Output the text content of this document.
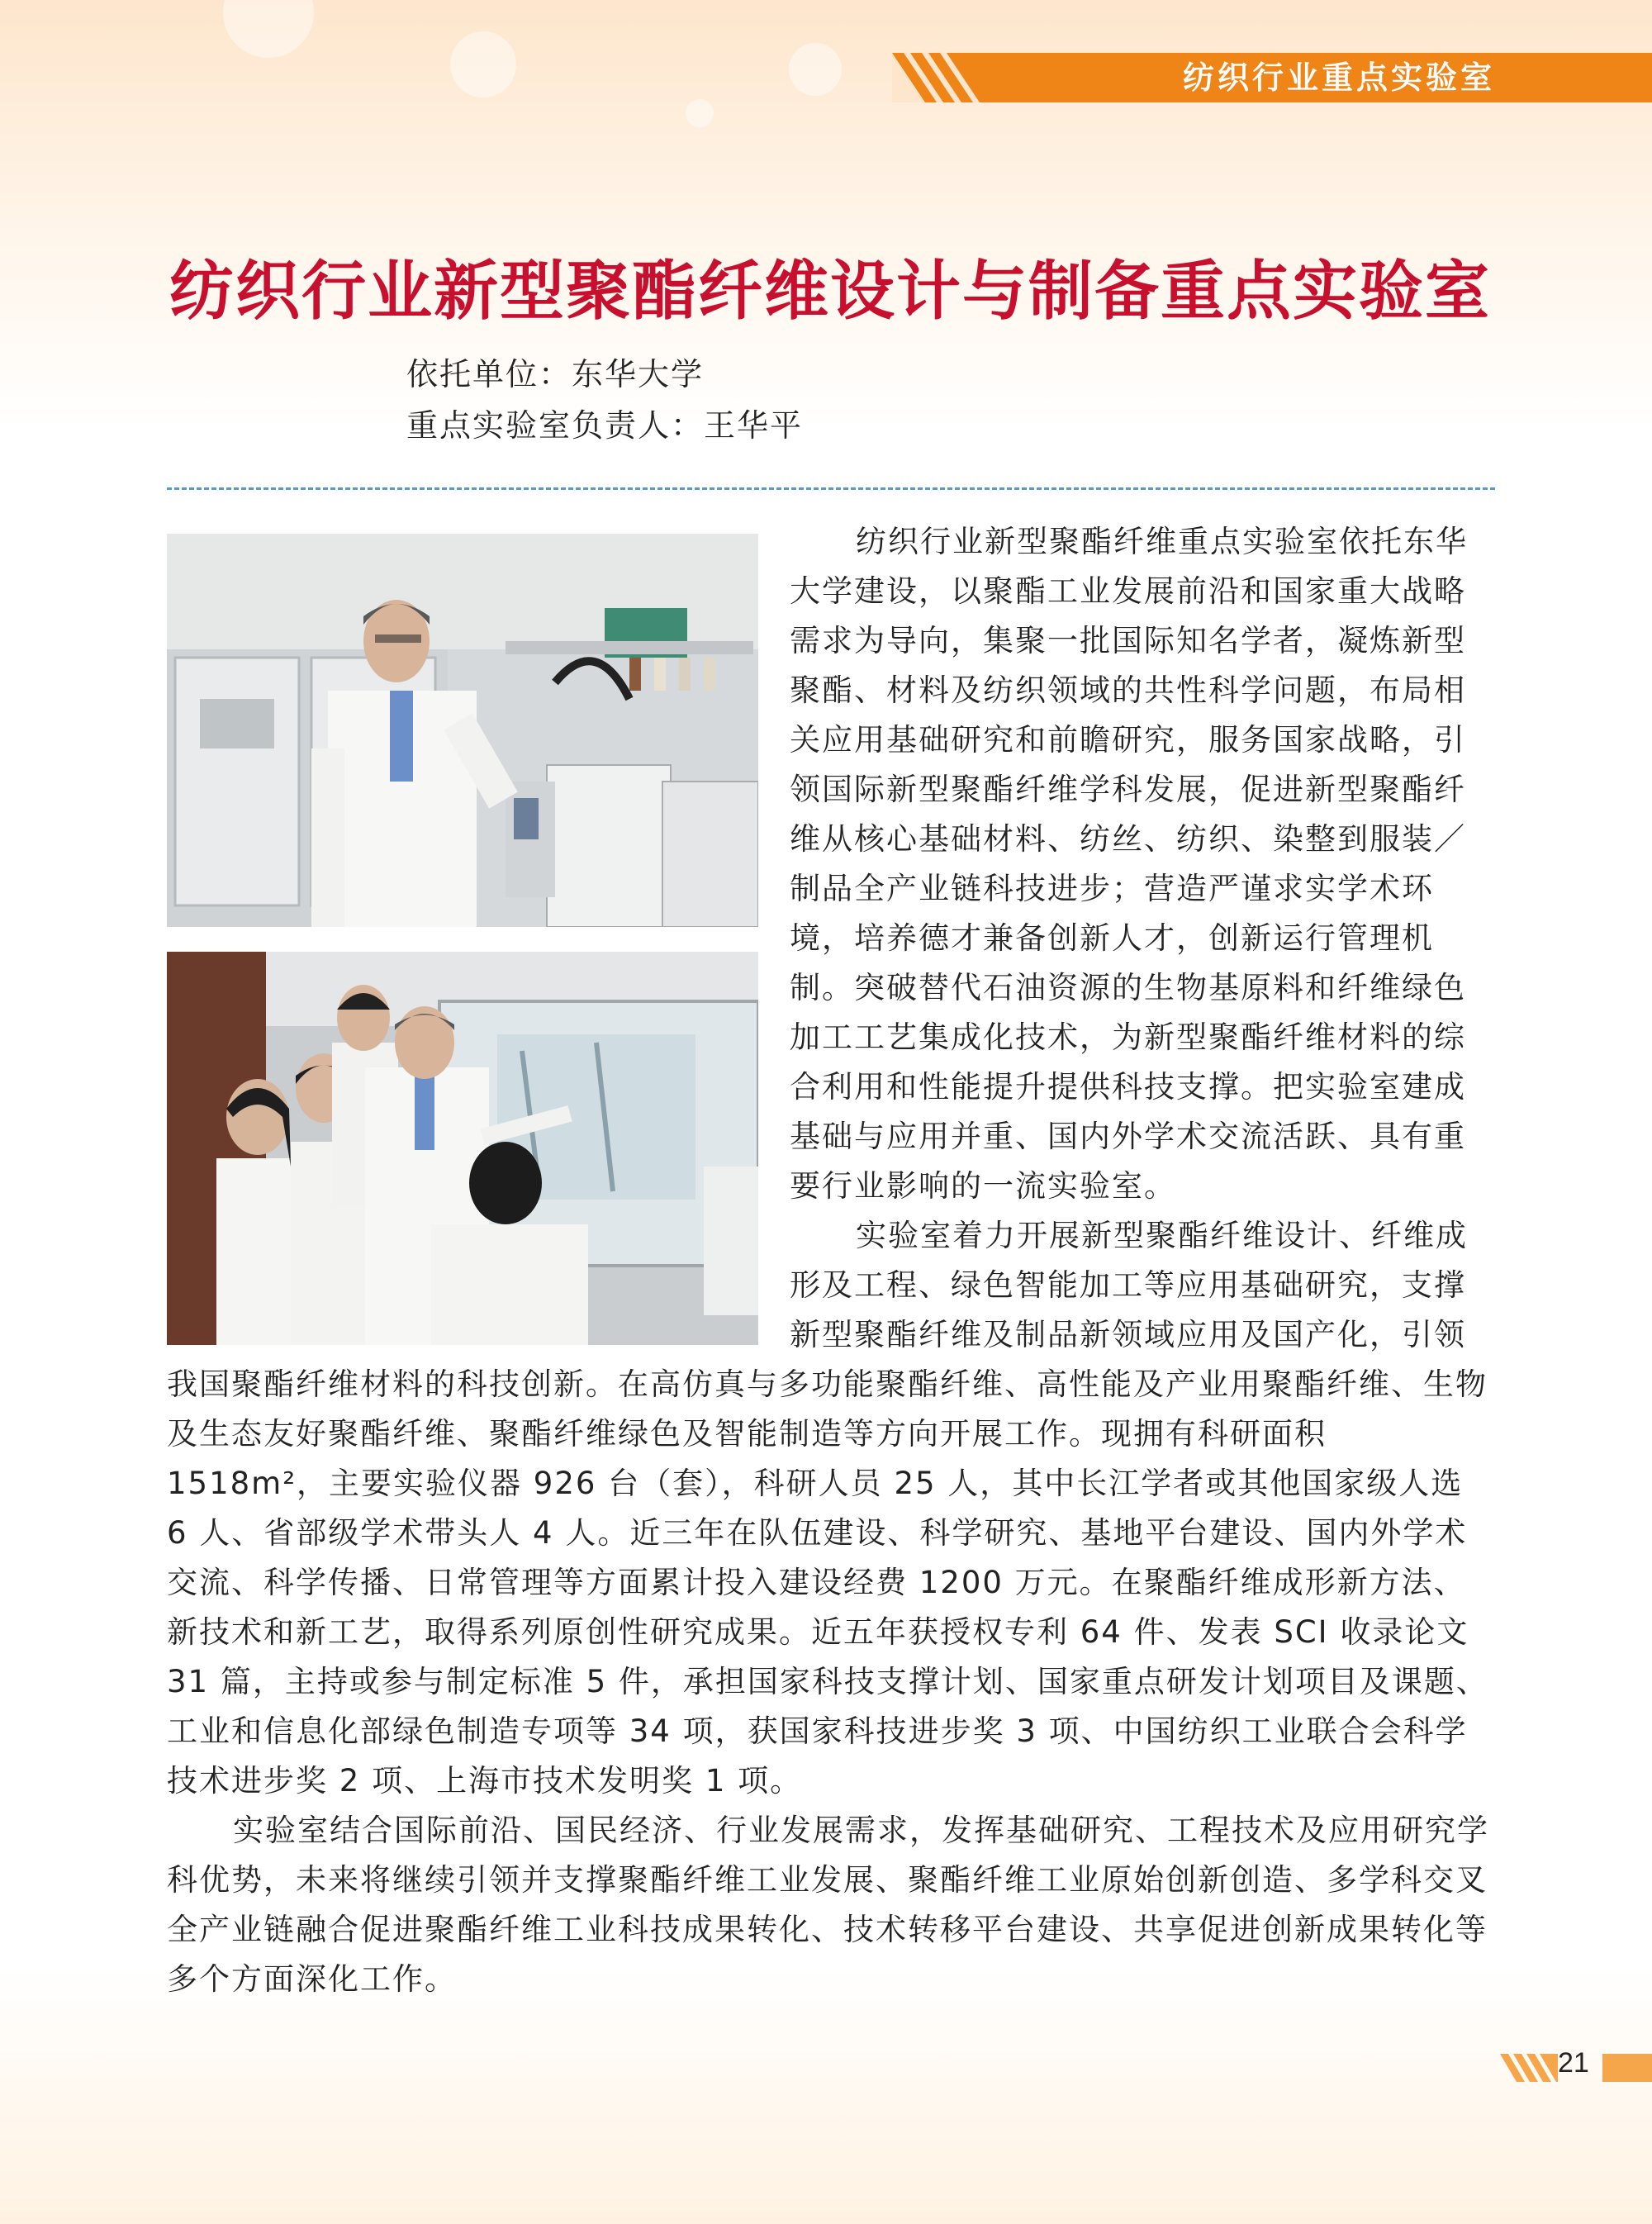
纺织行业重点实验室
纺织行业新型聚酯纤维设计与制备重点实验室
依托单位：东华大学
重点实验室负责人：王华平

纺织行业新型聚酯纤维重点实验室依托东华大学建设，以聚酯工业发展前沿和国家重大战略需求为导向，集聚一批国际知名学者，凝炼新型聚酯、材料及纺织领域的共性科学问题，布局相关应用基础研究和前瞻研究，服务国家战略，引领国际新型聚酯纤维学科发展，促进新型聚酯纤维从核心基础材料、纺丝、纺织、染整到服装／制品全产业链科技进步；营造严谨求实学术环境，培养德才兼备创新人才，创新运行管理机制。突破替代石油资源的生物基原料和纤维绿色加工工艺集成化技术，为新型聚酯纤维材料的综合利用和性能提升提供科技支撑。把实验室建成基础与应用并重、国内外学术交流活跃、具有重要行业影响的一流实验室。

实验室着力开展新型聚酯纤维设计、纤维成形及工程、绿色智能加工等应用基础研究，支撑新型聚酯纤维及制品新领域应用及国产化，引领

我国聚酯纤维材料的科技创新。在高仿真与多功能聚酯纤维、高性能及产业用聚酯纤维、生物及生态友好聚酯纤维、聚酯纤维绿色及智能制造等方向开展工作。现拥有科研面积 1518m²，主要实验仪器 926 台（套），科研人员 25 人，其中长江学者或其他国家级人选 6 人、省部级学术带头人 4 人。近三年在队伍建设、科学研究、基地平台建设、国内外学术交流、科学传播、日常管理等方面累计投入建设经费 1200 万元。在聚酯纤维成形新方法、新技术和新工艺，取得系列原创性研究成果。近五年获授权专利 64 件、发表 SCI 收录论文 31 篇，主持或参与制定标准 5 件，承担国家科技支撑计划、国家重点研发计划项目及课题、工业和信息化部绿色制造专项等 34 项，获国家科技进步奖 3 项、中国纺织工业联合会科学技术进步奖 2 项、上海市技术发明奖 1 项。

实验室结合国际前沿、国民经济、行业发展需求，发挥基础研究、工程技术及应用研究学科优势，未来将继续引领并支撑聚酯纤维工业发展、聚酯纤维工业原始创新创造、多学科交叉全产业链融合促进聚酯纤维工业科技成果转化、技术转移平台建设、共享促进创新成果转化等多个方面深化工作。

21
